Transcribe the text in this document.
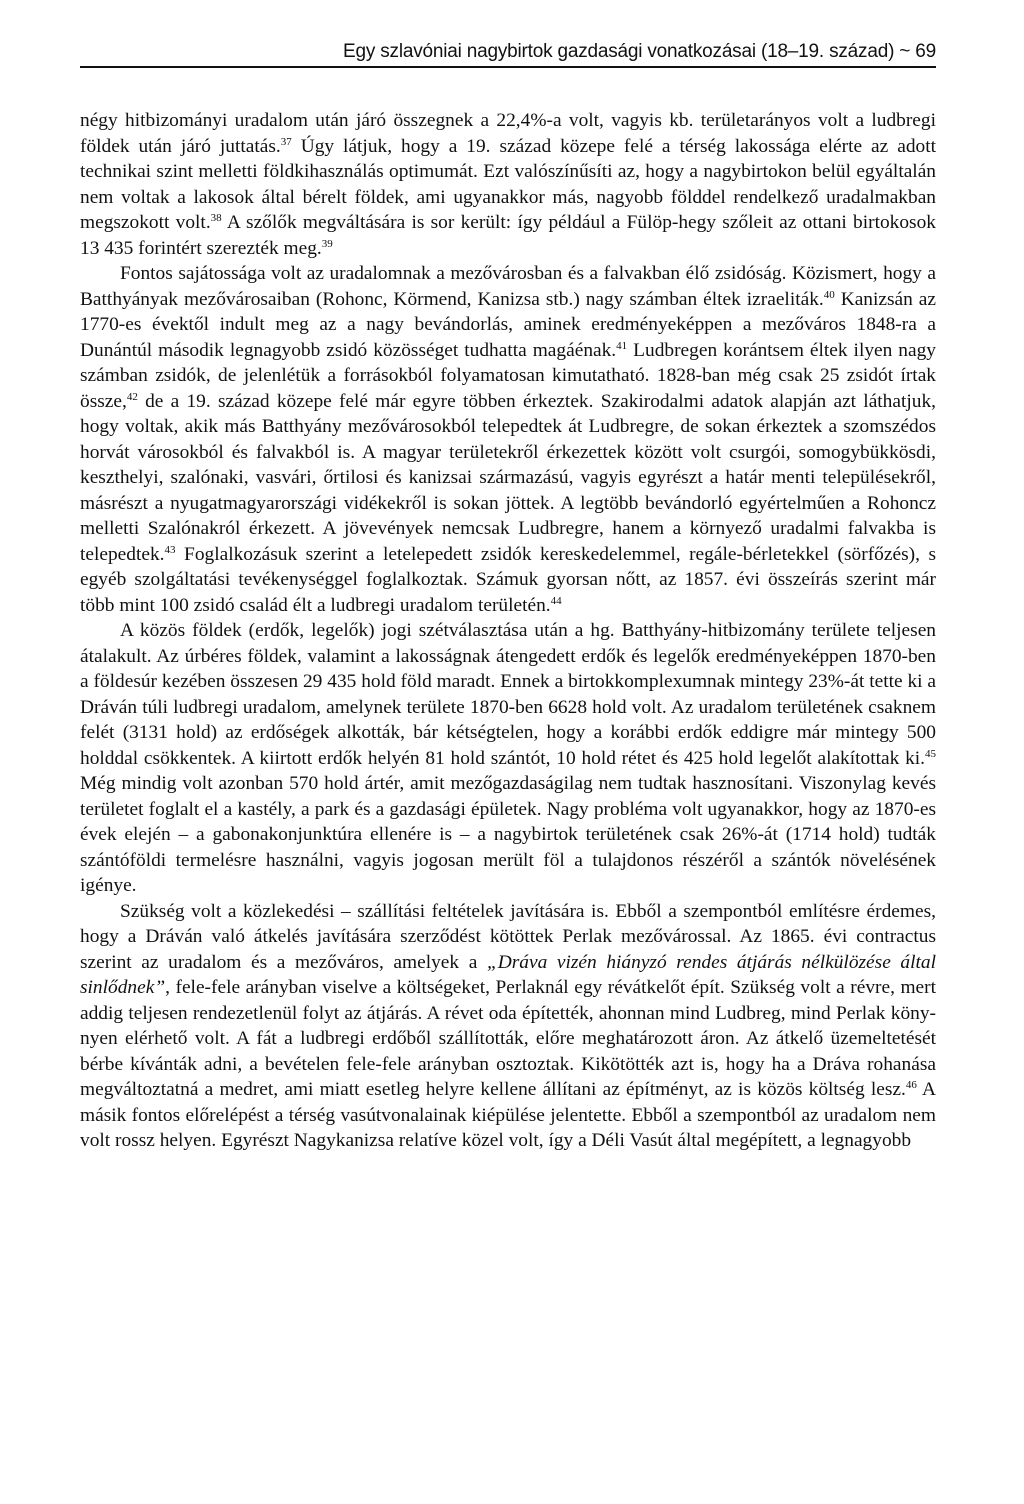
Egy szlavóniai nagybirtok gazdasági vonatkozásai (18–19. század) ~ 69

négy hitbizományi uradalom után járó összegnek a 22,4%-a volt, vagyis kb. területarányos volt a ludbregi földek után járó juttatás.$^{37}$ Úgy látjuk, hogy a 19. század közepe felé a térség lakossága elérte az adott technikai szint melletti földkihasználás optimumát. Ezt valószínűsíti az, hogy a nagybirtokon belül egyáltalán nem voltak a lakosok által bérelt földek, ami ugyanakkor más, nagyobb földdel rendelkező uradalmakban megszokott volt.$^{38}$ A szőlők megváltására is sor került: így például a Fülöp-hegy szőleit az ottani birtokosok 13 435 forintért szerezték meg.$^{39}$

Fontos sajátossága volt az uradalomnak a mezővárosban és a falvakban élő zsidóság. Közismert, hogy a Batthyányak mezővárosaiban (Rohonc, Körmend, Kanizsa stb.) nagy számban éltek izraeliták.$^{40}$ Kanizsán az 1770-es évektől indult meg az a nagy bevándorlás, aminek eredményeképpen a mezőváros 1848-ra a Dunántúl második legnagyobb zsidó közösséget tudhatta magáénak.$^{41}$ Ludbregen korántsem éltek ilyen nagy számban zsidók, de jelenlétük a forrásokból folyamatosan kimutatható. 1828-ban még csak 25 zsidót írtak össze,$^{42}$ de a 19. század közepe felé már egyre többen érkeztek. Szakirodalmi adatok alapján azt láthatjuk, hogy voltak, akik más Batthyány mezővárosokból telepedtek át Ludbregre, de sokan érkeztek a szomszédos horvát városokból és falvakból is. A magyar területekről érkezettek között volt csurgói, somogybükkösdi, keszthelyi, szalónaki, vasvári, őrtilosi és kanizsai származású, vagyis egyrészt a határ menti településekről, másrészt a nyugatmagyarországi vidékekről is sokan jöttek. A legtöbb bevándorló egyértelműen a Rohoncz melletti Szalónakról érkezett. A jövevények nemcsak Ludbregre, hanem a környező uradalmi falvakba is telepedtek.$^{43}$ Foglalkozásuk szerint a letelepedett zsidók kereskedelemmel, regále-bérletekkel (sörfőzés), s egyéb szolgáltatási tevékenységgel foglalkoztak. Számuk gyorsan nőtt, az 1857. évi összeírás szerint már több mint 100 zsidó család élt a ludbregi uradalom területén.$^{44}$

A közös földek (erdők, legelők) jogi szétválasztása után a hg. Batthyány-hitbizomány területe teljesen átalakult. Az úrbéres földek, valamint a lakosságnak átengedett erdők és legelők eredményeképpen 1870-ben a földesúr kezében összesen 29 435 hold föld maradt. Ennek a birtokkomplexumnak mintegy 23%-át tette ki a Dráván túli ludbregi uradalom, amelynek területe 1870-ben 6628 hold volt. Az uradalom területének csaknem felét (3131 hold) az erdőségek alkották, bár kétségtelen, hogy a korábbi erdők eddigre már mintegy 500 holddal csökkentek. A kiirtott erdők helyén 81 hold szántót, 10 hold rétet és 425 hold legelőt alakítottak ki.$^{45}$ Még mindig volt azonban 570 hold ártér, amit mezőgazdaságilag nem tudtak hasznosítani. Viszonylag kevés területet foglalt el a kastély, a park és a gazdasági épületek. Nagy probléma volt ugyanakkor, hogy az 1870-es évek elején – a gabonakonjunktúra ellenére is – a nagybirtok területének csak 26%-át (1714 hold) tudták szántóföldi termelésre használni, vagyis jogosan merült föl a tulajdonos részéről a szántók növelésének igénye.

Szükség volt a közlekedési – szállítási feltételek javítására is. Ebből a szempontból említésre érdemes, hogy a Dráván való átkelés javítására szerződést kötöttek Perlak mezővárossal. Az 1865. évi contractus szerint az uradalom és a mezőváros, amelyek a „Dráva vizén hiányzó rendes átjárás nélkülözése által sinlődnek”, fele-fele arányban viselve a költségeket, Perlaknál egy révátkelőt épít. Szükség volt a révre, mert addig teljesen rendezetlenül folyt az átjárás. A révet oda építették, ahonnan mind Ludbreg, mind Perlak könynyen elérhető volt. A fát a ludbregi erdőből szállították, előre meghatározott áron. Az átkelő üzemeltetését bérbe kívánták adni, a bevételen fele-fele arányban osztoztak. Kikötötték azt is, hogy ha a Dráva rohanása megváltoztatná a medret, ami miatt esetleg helyre kellene állítani az építményt, az is közös költség lesz.$^{46}$ A másik fontos előrelépést a térség vasútvonalainak kiépülése jelentette. Ebből a szempontból az uradalom nem volt rossz helyen. Egyrészt Nagykanizsa relatíve közel volt, így a Déli Vasút által megépített, a legnagyobb
